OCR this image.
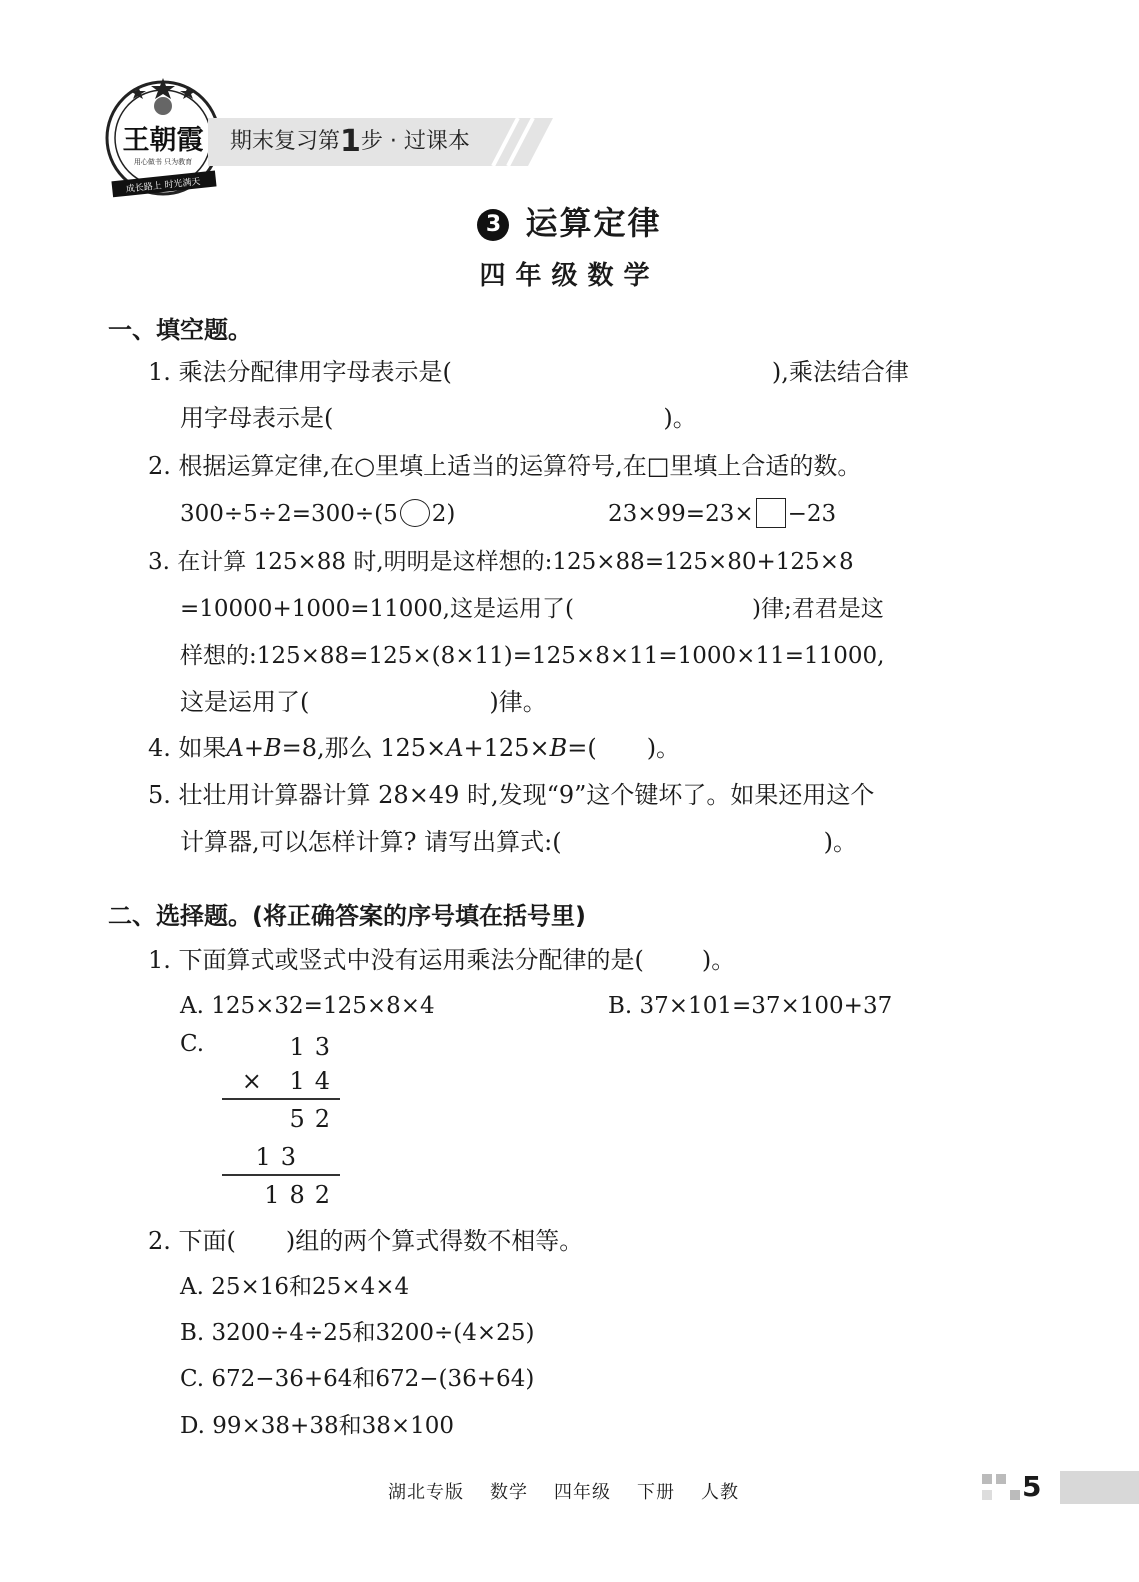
王朝霞
用心做书 只为教育
成长路上 时光满天
期末复习第1步 · 过课本
3 运算定律
四年级数学
一、填空题。
1. 乘法分配律用字母表示是(	),乘法结合律
用字母表示是(	)。
2. 根据运算定律,在○里填上适当的运算符号,在□里填上合适的数。
300÷5÷2=300÷(5 2)	23×99=23× −23
3. 在计算 125×88 时,明明是这样想的:125×88=125×80+125×8
=10000+1000=11000,这是运用了(	)律;君君是这
样想的:125×88=125×(8×11)=125×8×11=1000×11=11000,
这是运用了(	)律。
4. 如果A+B=8,那么 125×A+125×B=( )。
5. 壮壮用计算器计算 28×49 时,发现“9”这个键坏了。如果还用这个
计算器,可以怎样计算? 请写出算式:(	)。
二、选择题。(将正确答案的序号填在括号里)
1. 下面算式或竖式中没有运用乘法分配律的是( )。
A. 125×32=125×8×4	B. 37×101=37×100+37
C.	13
× 14
52
13
182
2. 下面( )组的两个算式得数不相等。
A. 25×16和25×4×4
B. 3200÷4÷25和3200÷(4×25)
C. 672−36+64和672−(36+64)
D. 99×38+38和38×100
湖北专版 数学 四年级 下册 人教	5
